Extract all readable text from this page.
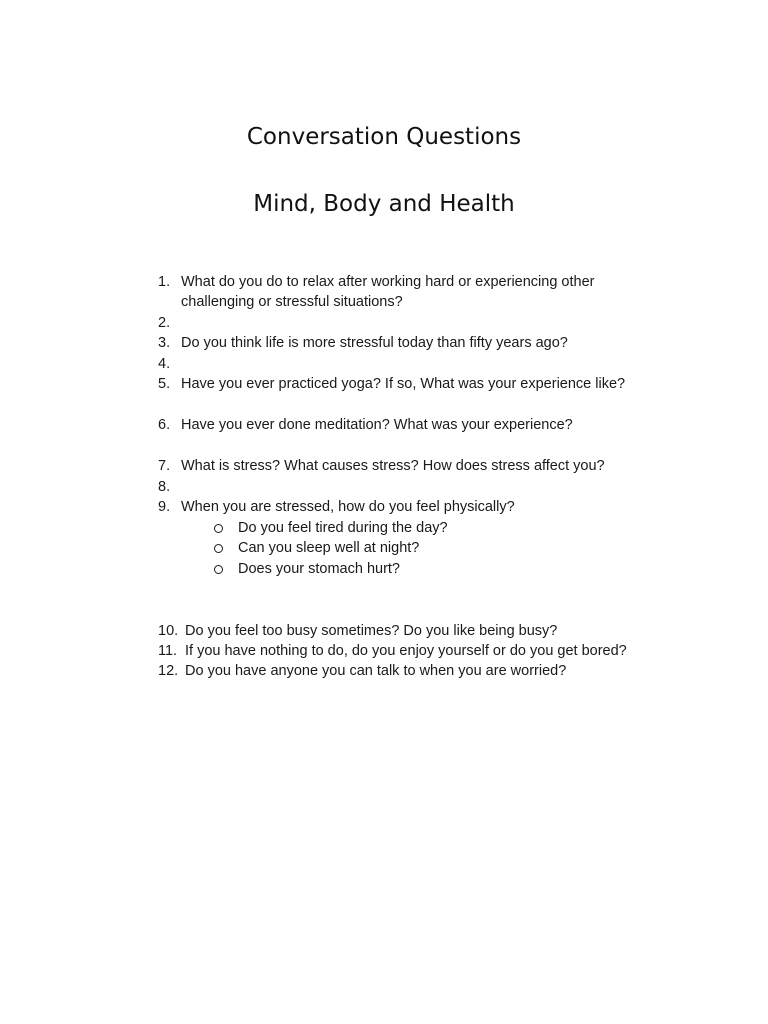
Conversation Questions
Mind, Body and Health
1. What do you do to relax after working hard or experiencing other
challenging or stressful situations?
2.
3. Do you think life is more stressful today than fifty years ago?
4.
5. Have you ever practiced yoga? If so, What was your experience like?
6. Have you ever done meditation? What was your experience?
7. What is stress? What causes stress? How does stress affect you?
8.
9. When you are stressed, how do you feel physically?
Do you feel tired during the day?
Can you sleep well at night?
Does your stomach hurt?
10. Do you feel too busy sometimes? Do you like being busy?
11. If you have nothing to do, do you enjoy yourself or do you get bored?
12. Do you have anyone you can talk to when you are worried?
